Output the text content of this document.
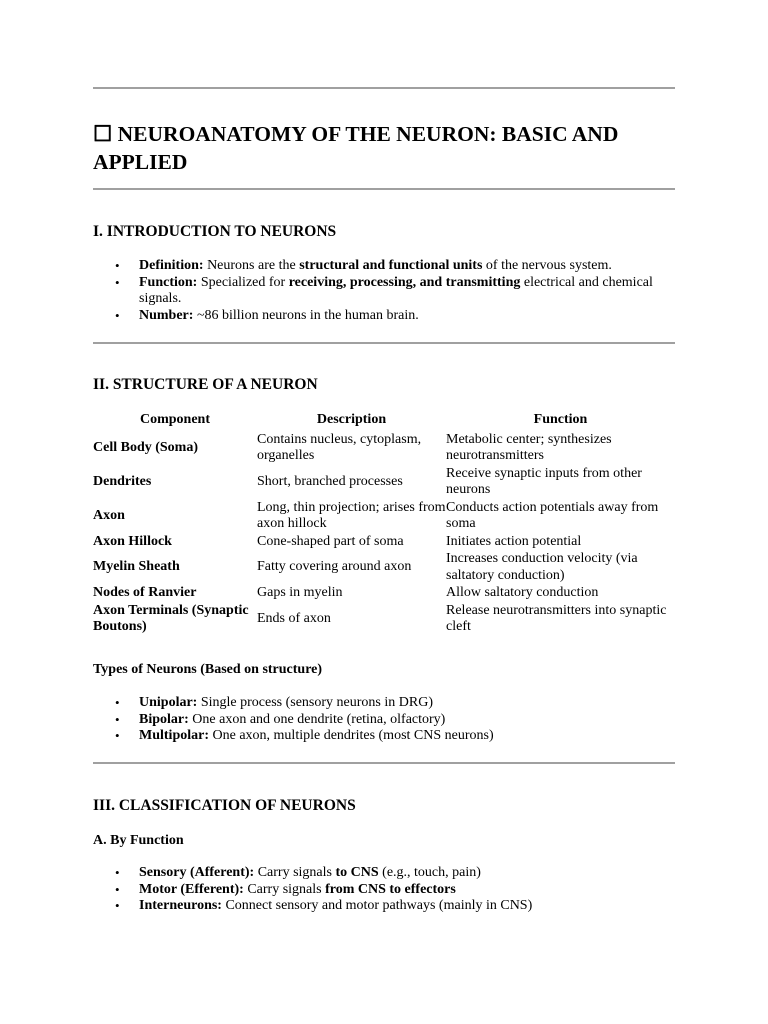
☐ NEUROANATOMY OF THE NEURON: BASIC AND APPLIED
I. INTRODUCTION TO NEURONS
• Definition: Neurons are the structural and functional units of the nervous system.
• Function: Specialized for receiving, processing, and transmitting electrical and chemical signals.
• Number: ~86 billion neurons in the human brain.
II. STRUCTURE OF A NEURON
Component	Description	Function
Cell Body (Soma)	Contains nucleus, cytoplasm, organelles	Metabolic center; synthesizes neurotransmitters
Dendrites	Short, branched processes	Receive synaptic inputs from other neurons
Axon	Long, thin projection; arises from axon hillock	Conducts action potentials away from soma
Axon Hillock	Cone-shaped part of soma	Initiates action potential
Myelin Sheath	Fatty covering around axon	Increases conduction velocity (via saltatory conduction)
Nodes of Ranvier	Gaps in myelin	Allow saltatory conduction
Axon Terminals (Synaptic Boutons)	Ends of axon	Release neurotransmitters into synaptic cleft
Types of Neurons (Based on structure)
• Unipolar: Single process (sensory neurons in DRG)
• Bipolar: One axon and one dendrite (retina, olfactory)
• Multipolar: One axon, multiple dendrites (most CNS neurons)
III. CLASSIFICATION OF NEURONS
A. By Function
• Sensory (Afferent): Carry signals to CNS (e.g., touch, pain)
• Motor (Efferent): Carry signals from CNS to effectors
• Interneurons: Connect sensory and motor pathways (mainly in CNS)
